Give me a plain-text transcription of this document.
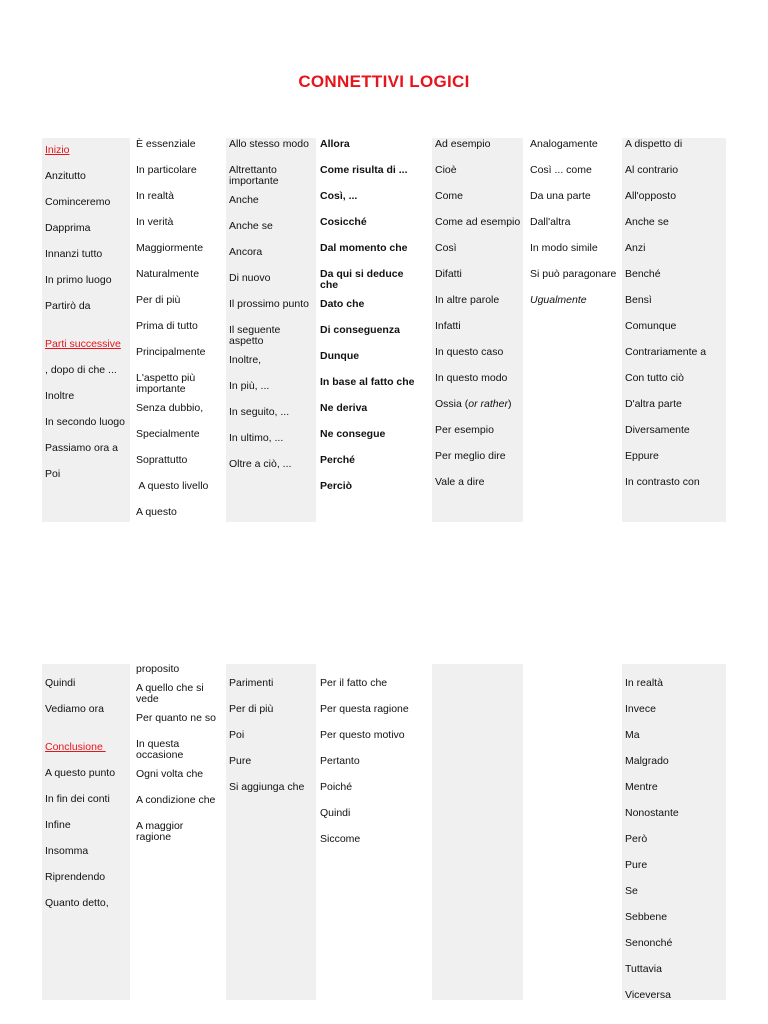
CONNETTIVI LOGICI
Inizio
Anzitutto
Cominceremo
Dapprima
Innanzi tutto
In primo luogo
Partirò da
Parti successive
, dopo di che ...
Inoltre
In secondo luogo
Passiamo ora a
Poi
È essenziale
In particolare
In realtà
In verità
Maggiormente
Naturalmente
Per di più
Prima di tutto
Principalmente
L'aspetto più importante
Senza dubbio,
Specialmente
Soprattutto
A questo livello
A questo
Allo stesso modo
Altrettanto importante
Anche
Anche se
Ancora
Di nuovo
Il prossimo punto
Il seguente aspetto
Inoltre,
In più, ...
In seguito, ...
In ultimo, ...
Oltre a ciò, ...
Allora
Come risulta di ...
Così, ...
Cosicché
Dal momento che
Da qui si deduce che
Dato che
Di conseguenza
Dunque
In base al fatto che
Ne deriva
Ne consegue
Perché
Perciò
Ad esempio
Cioè
Come
Come ad esempio
Così
Difatti
In altre parole
Infatti
In questo caso
In questo modo
Ossia (or rather)
Per esempio
Per meglio dire
Vale a dire
Analogamente
Così ... come
Da una parte
Dall'altra
In modo simile
Si può paragonare
Ugualmente
A dispetto di
Al contrario
All'opposto
Anche se
Anzi
Benché
Bensì
Comunque
Contrariamente a
Con tutto ciò
D'altra parte
Diversamente
Eppure
In contrasto con
Quindi
Vediamo ora
Conclusione
A questo punto
In fin dei conti
Infine
Insomma
Riprendendo
Quanto detto,
proposito
A quello che si vede
Per quanto ne so
In questa occasione
Ogni volta che
A condizione che
A maggior ragione
Parimenti
Per di più
Poi
Pure
Si aggiunga che
Per il fatto che
Per questa ragione
Per questo motivo
Pertanto
Poiché
Quindi
Siccome
In realtà
Invece
Ma
Malgrado
Mentre
Nonostante
Però
Pure
Se
Sebbene
Senonché
Tuttavia
Viceversa
